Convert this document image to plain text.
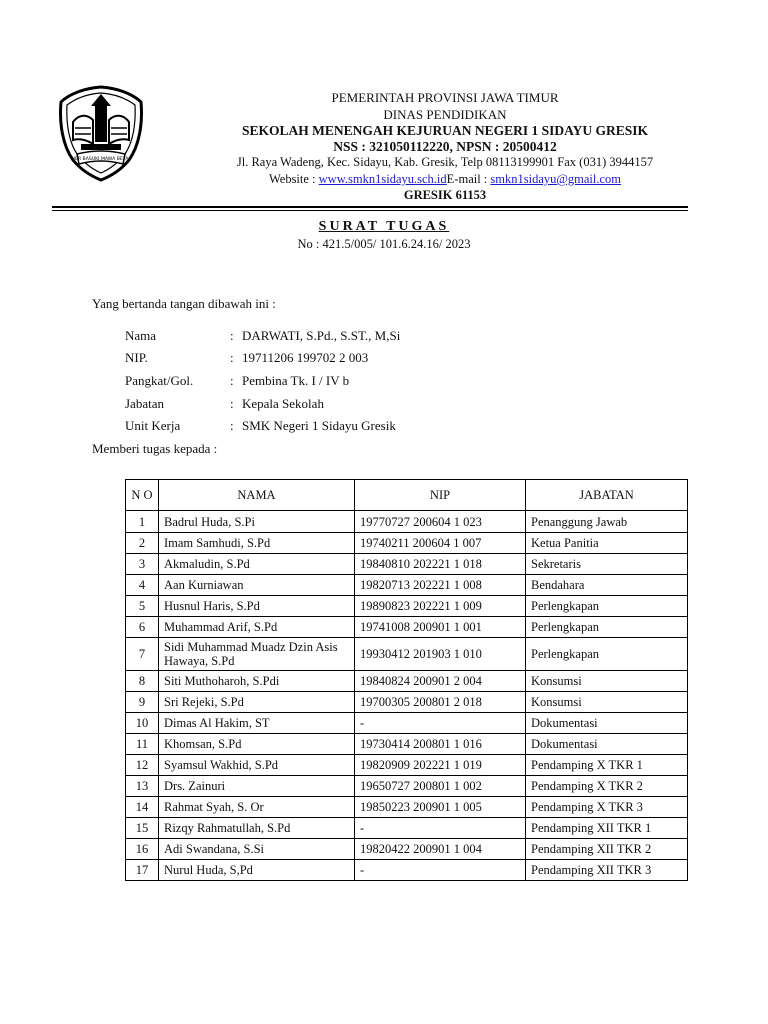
JER BASUKI MAWA BEYA
PEMERINTAH PROVINSI JAWA TIMUR
DINAS PENDIDIKAN
SEKOLAH MENENGAH KEJURUAN NEGERI 1 SIDAYU GRESIK
NSS : 321050112220, NPSN : 20500412
Jl. Raya Wadeng, Kec. Sidayu, Kab. Gresik, Telp 08113199901 Fax (031) 3944157
Website : www.smkn1sidayu.sch.idE-mail : smkn1sidayu@gmail.com
GRESIK 61153
SURAT TUGAS
No : 421.5/005/ 101.6.24.16/ 2023
Yang bertanda tangan dibawah ini :
Nama	: DARWATI, S.Pd., S.ST., M,Si
NIP.	: 19711206 199702 2 003
Pangkat/Gol.	: Pembina Tk. I / IV b
Jabatan	: Kepala Sekolah
Unit Kerja	: SMK Negeri 1 Sidayu Gresik
Memberi tugas kepada :
N O	NAMA	NIP	JABATAN
1	Badrul Huda, S.Pi	19770727 200604 1 023	Penanggung Jawab
2	Imam Samhudi, S.Pd	19740211 200604 1 007	Ketua Panitia
3	Akmaludin, S.Pd	19840810 202221 1 018	Sekretaris
4	Aan Kurniawan	19820713 202221 1 008	Bendahara
5	Husnul Haris, S.Pd	19890823 202221 1 009	Perlengkapan
6	Muhammad Arif, S.Pd	19741008 200901 1 001	Perlengkapan
7	Sidi Muhammad Muadz Dzin Asis Hawaya, S.Pd	19930412 201903 1 010	Perlengkapan
8	Siti Muthoharoh, S.Pdi	19840824 200901 2 004	Konsumsi
9	Sri Rejeki, S.Pd	19700305 200801 2 018	Konsumsi
10	Dimas Al Hakim, ST	-	Dokumentasi
11	Khomsan, S.Pd	19730414 200801 1 016	Dokumentasi
12	Syamsul Wakhid, S.Pd	19820909 202221 1 019	Pendamping X TKR 1
13	Drs. Zainuri	19650727 200801 1 002	Pendamping X TKR 2
14	Rahmat Syah, S. Or	19850223 200901 1 005	Pendamping X TKR 3
15	Rizqy Rahmatullah, S.Pd	-	Pendamping XII TKR 1
16	Adi Swandana, S.Si	19820422 200901 1 004	Pendamping XII TKR 2
17	Nurul Huda, S,Pd	-	Pendamping XII TKR 3
